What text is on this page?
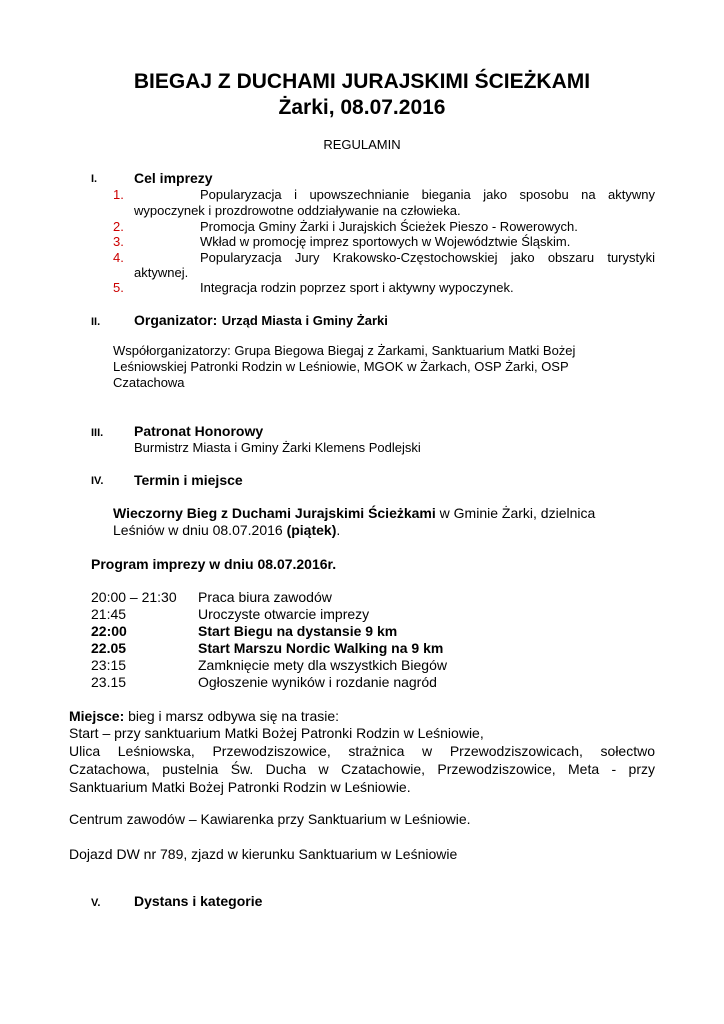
BIEGAJ Z DUCHAMI JURAJSKIMI ŚCIEŻKAMI
Żarki, 08.07.2016
REGULAMIN
I.	Cel imprezy
1.	Popularyzacja i upowszechnianie biegania jako sposobu na aktywny
wypoczynek i prozdrowotne oddziaływanie na człowieka.
2.	Promocja Gminy Żarki i Jurajskich Ścieżek Pieszo - Rowerowych.
3.	Wkład w promocję imprez sportowych w Województwie Śląskim.
4.	Popularyzacja Jury Krakowsko-Częstochowskiej jako obszaru turystyki
aktywnej.
5.	Integracja rodzin poprzez sport i aktywny wypoczynek.
II. Organizator: Urząd Miasta i Gminy Żarki
Współorganizatorzy: Grupa Biegowa Biegaj z Żarkami, Sanktuarium Matki Bożej
Leśniowskiej Patronki Rodzin w Leśniowie, MGOK w Żarkach, OSP Żarki, OSP
Czatachowa
III. Patronat Honorowy
Burmistrz Miasta i Gminy Żarki Klemens Podlejski
IV. Termin i miejsce
Wieczorny Bieg z Duchami Jurajskimi Ścieżkami w Gminie Żarki, dzielnica
Leśniów w dniu 08.07.2016 (piątek).
Program imprezy w dniu 08.07.2016r.
20:00 – 21:30 Praca biura zawodów
21:45	Uroczyste otwarcie imprezy
22:00	Start Biegu na dystansie 9 km
22.05	Start Marszu Nordic Walking na 9 km
23:15	Zamknięcie mety dla wszystkich Biegów
23.15	Ogłoszenie wyników i rozdanie nagród
Miejsce: bieg i marsz odbywa się na trasie:
Start – przy sanktuarium Matki Bożej Patronki Rodzin w Leśniowie,
Ulica Leśniowska, Przewodziszowice, strażnica w Przewodziszowicach, sołectwo
Czatachowa, pustelnia Św. Ducha w Czatachowie, Przewodziszowice, Meta - przy
Sanktuarium Matki Bożej Patronki Rodzin w Leśniowie.
Centrum zawodów – Kawiarenka przy Sanktuarium w Leśniowie.
Dojazd DW nr 789, zjazd w kierunku Sanktuarium w Leśniowie
V. Dystans i kategorie
